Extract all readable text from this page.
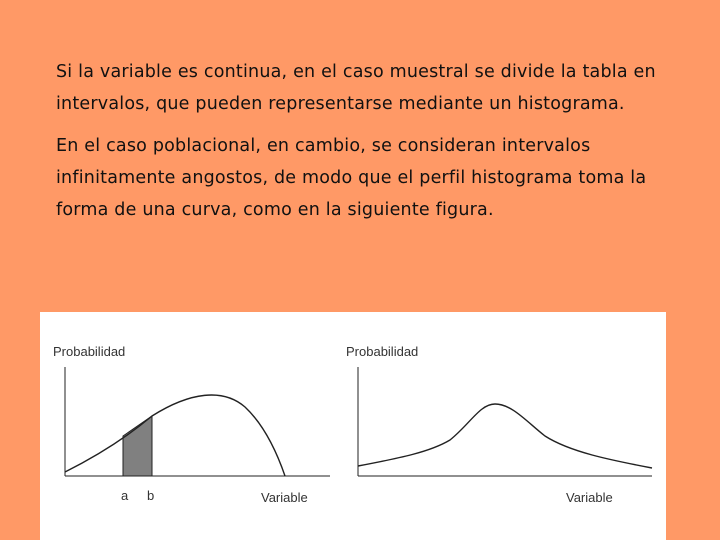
Si la variable es continua, en el caso muestral se divide la tabla en intervalos, que pueden representarse mediante un histograma.

En el caso poblacional, en cambio, se consideran intervalos infinitamente angostos, de modo que el perfil histograma toma la forma de una curva, como en la siguiente figura.

Probabilidad
a b	Variable
Probabilidad
Variable
